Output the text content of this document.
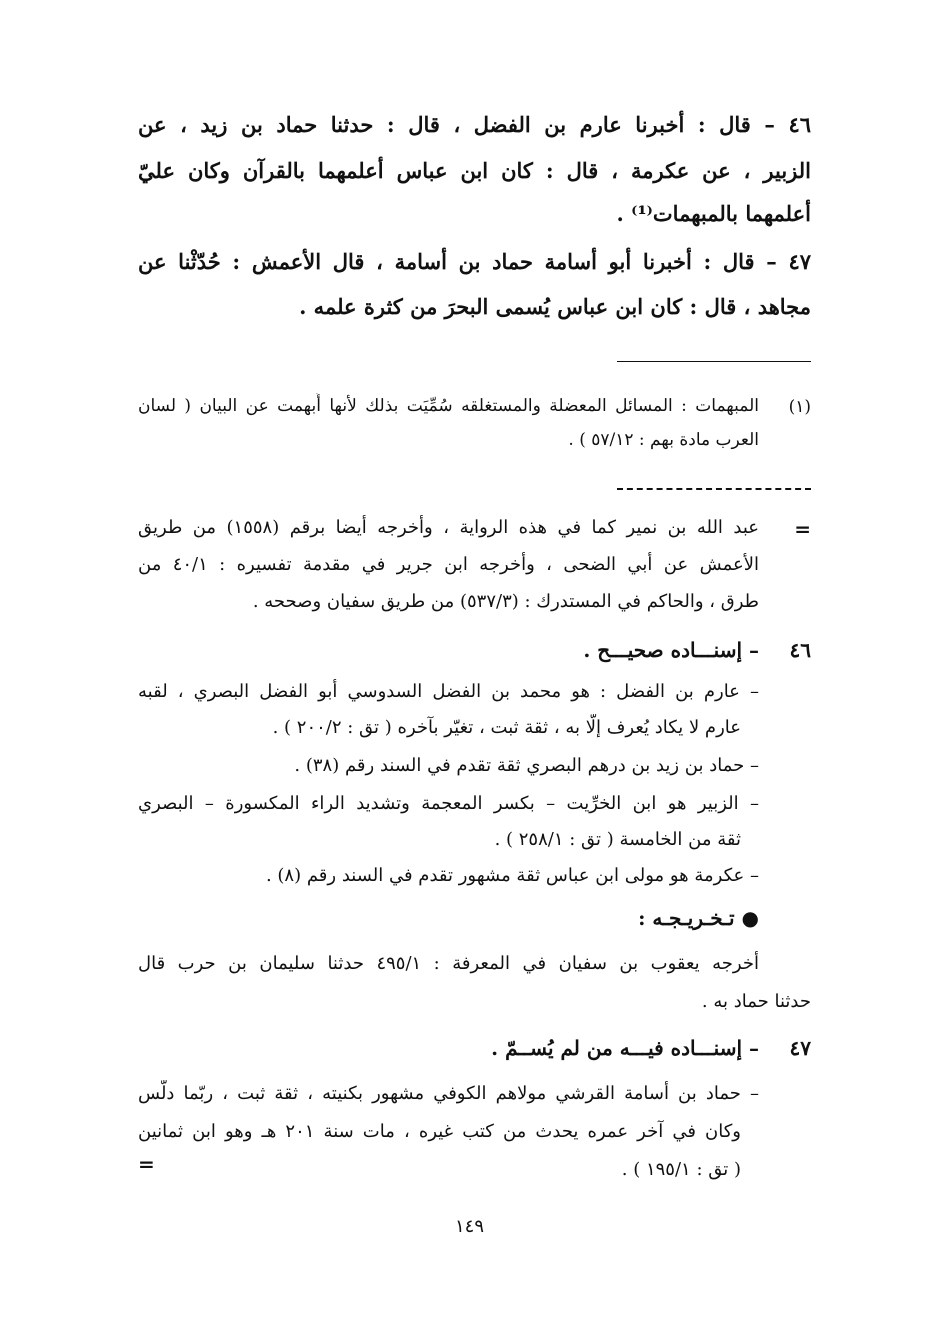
٤٦ – قال : أخبرنا عارم بن الفضل ، قال : حدثنا حماد بن زيد ، عن
الزبير ، عن عكرمة ، قال : كان ابن عباس أعلمهما بالقرآن وكان عليّ
أعلمهما بالمبهمات⁽¹⁾ .
٤٧ – قال : أخبرنا أبو أسامة حماد بن أسامة ، قال الأعمش : حُدّثْنا عن
مجاهد ، قال : كان ابن عباس يُسمى البحرَ من كثرة علمه .
(١)
المبهمات : المسائل المعضلة والمستغلقه سُمِّيَت بذلك لأنها أُبهمت عن البيان ( لسان
العرب مادة بهم : ٥٧/١٢ ) .
=
عبد الله بن نمير كما في هذه الرواية ، وأخرجه أيضا برقم (١٥٥٨) من طريق
الأعمش عن أبي الضحى ، وأخرجه ابن جرير في مقدمة تفسيره : ٤٠/١ من
طرق ، والحاكم في المستدرك : (٥٣٧/٣) من طريق سفيان وصححه .
٤٦
– إسنـــاده صحيـــح .
– عارم بن الفضل : هو محمد بن الفضل السدوسي أبو الفضل البصري ، لقبه
عارم لا يكاد يُعرف إلّا به ، ثقة ثبت ، تغيّر بآخره ( تق : ٢٠٠/٢ ) .
– حماد بن زيد بن درهم البصري ثقة تقدم في السند رقم (٣٨) .
– الزبير هو ابن الخرِّيت – بكسر المعجمة وتشديد الراء المكسورة – البصري
ثقة من الخامسة ( تق : ٢٥٨/١ ) .
– عكرمة هو مولى ابن عباس ثقة مشهور تقدم في السند رقم (٨) .
● تـخـريـجـه :
أخرجه يعقوب بن سفيان في المعرفة : ٤٩٥/١ حدثنا سليمان بن حرب قال
حدثنا حماد به .
٤٧
– إسنـــاده فيـــه من لم يُســمّ .
– حماد بن أسامة القرشي مولاهم الكوفي مشهور بكنيته ، ثقة ثبت ، ربّما دلّس
وكان في آخر عمره يحدث من كتب غيره ، مات سنة ٢٠١ هـ وهو ابن ثمانين
( تق : ١٩٥/١ ) .
=
١٤٩
